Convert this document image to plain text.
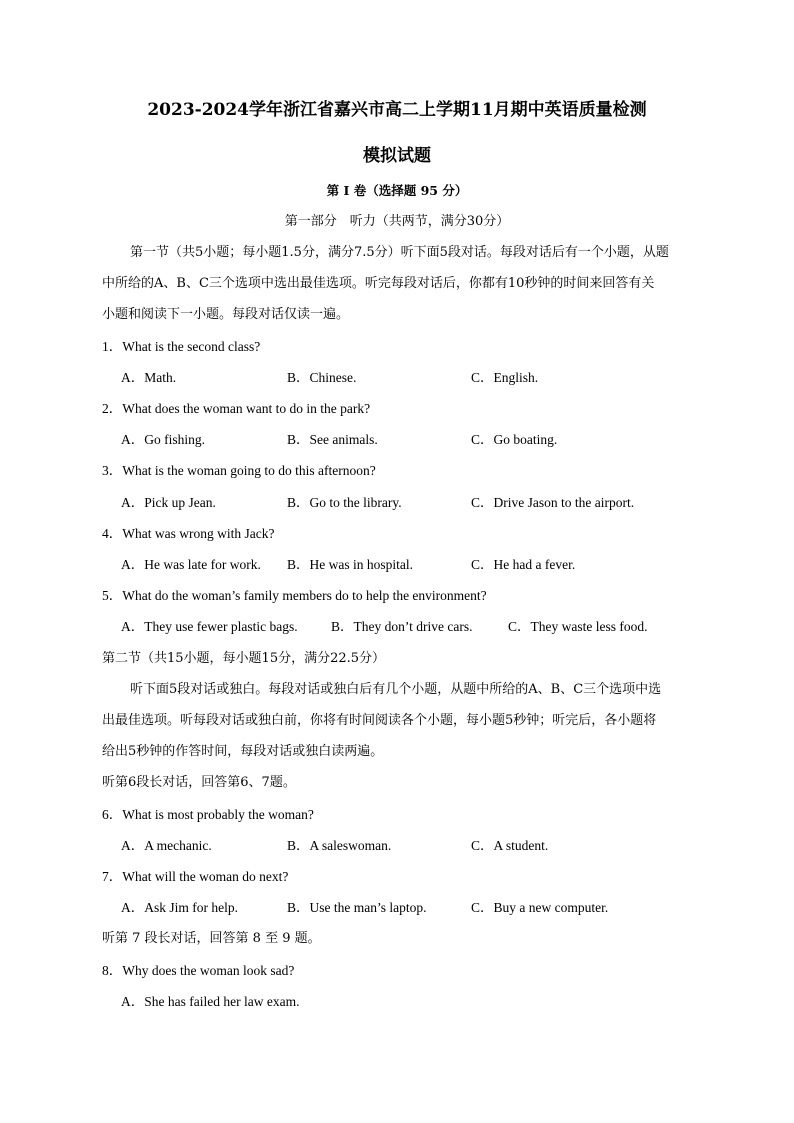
2023-2024学年浙江省嘉兴市高二上学期11月期中英语质量检测
模拟试题
第 I 卷（选择题 95 分）
第一部分　听力（共两节，满分30分）
第一节（共5小题；每小题1.5分，满分7.5分）听下面5段对话。每段对话后有一个小题，从题
中所给的A、B、C三个选项中选出最佳选项。听完每段对话后，你都有10秒钟的时间来回答有关
小题和阅读下一小题。每段对话仅读一遍。
1．What is the second class?
A．Math.	B．Chinese.	C．English.
2．What does the woman want to do in the park?
A．Go fishing.	B．See animals.	C．Go boating.
3．What is the woman going to do this afternoon?
A．Pick up Jean.	B．Go to the library.	C．Drive Jason to the airport.
4．What was wrong with Jack?
A．He was late for work. B．He was in hospital.	C．He had a fever.
5．What do the woman’s family members do to help the environment?
A．They use fewer plastic bags. B．They don’t drive cars.	C．They waste less food.
第二节（共15小题，每小题15分，满分22.5分）
听下面5段对话或独白。每段对话或独白后有几个小题，从题中所给的A、B、C三个选项中选
出最佳选项。听每段对话或独白前，你将有时间阅读各个小题，每小题5秒钟；听完后，各小题将
给出5秒钟的作答时间，每段对话或独白读两遍。
听第6段长对话，回答第6、7题。
6．What is most probably the woman?
A．A mechanic.	B．A saleswoman.	C．A student.
7．What will the woman do next?
A．Ask Jim for help.	B．Use the man’s laptop.	C．Buy a new computer.
听第 7 段长对话，回答第 8 至 9 题。
8．Why does the woman look sad?
A．She has failed her law exam.
